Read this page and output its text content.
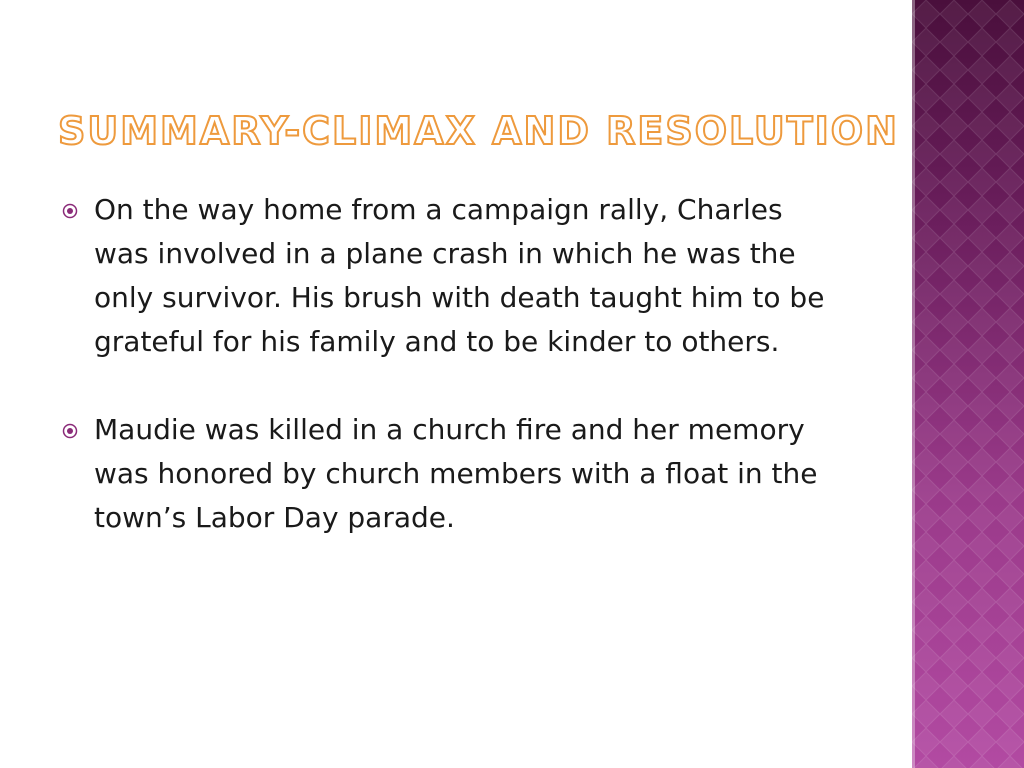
SUMMARY-CLIMAX AND RESOLUTION
On the way home from a campaign rally, Charles was involved in a plane crash in which he was the only survivor. His brush with death taught him to be grateful for his family and to be kinder to others.
Maudie was killed in a church fire and her memory was honored by church members with a float in the town’s Labor Day parade.
